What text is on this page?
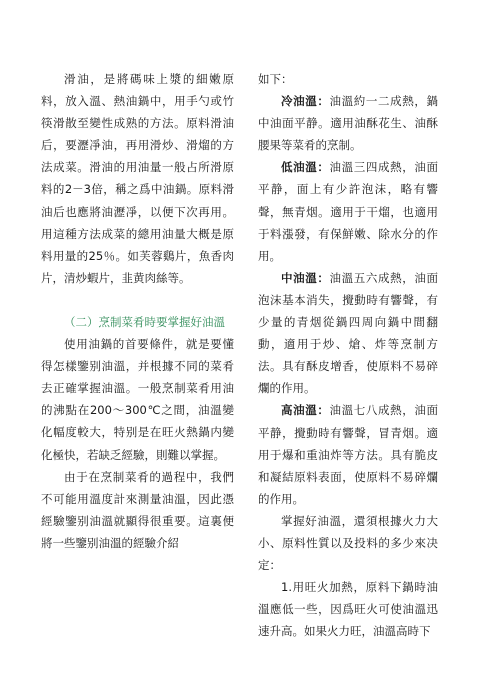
滑油，是將碼味上漿的細嫩原料，放入溫、熱油鍋中，用手勺或竹筷滑散至變性成熟的方法。原料滑油后，要瀝凈油，再用滑炒、滑熘的方法成菜。滑油的用油量一般占所滑原料的2－3倍，稱之爲中油鍋。原料滑油后也應將油瀝凈，以便下次再用。用這種方法成菜的總用油量大概是原料用量的25％。如芙蓉鷄片，魚香肉片，清炒蝦片，韭黄肉絲等。

（二）烹制菜肴時要掌握好油溫

使用油鍋的首要條件，就是要懂得怎樣鑒别油溫，并根據不同的菜肴去正確掌握油溫。一般烹制菜肴用油的沸點在200～300℃之間，油溫變化幅度較大，特别是在旺火熱鍋内變化極快，若缺乏經驗，則難以掌握。

由于在烹制菜肴的過程中，我們不可能用溫度計來測量油溫，因此憑經驗鑒别油溫就顯得很重要。這裏便將一些鑒别油溫的經驗介紹

如下：

冷油溫：油溫約一二成熱，鍋中油面平静。適用油酥花生、油酥腰果等菜肴的烹制。

低油溫：油溫三四成熱，油面平静，面上有少許泡沫，略有響聲，無青烟。適用于干熘，也適用于料漲發，有保鮮嫩、除水分的作用。

中油溫：油溫五六成熱，油面泡沫基本消失，攪動時有響聲，有少量的青烟從鍋四周向鍋中間翻動，適用于炒、熗、炸等烹制方法。具有酥皮增香，使原料不易碎爛的作用。

高油溫：油溫七八成熱，油面平静，攪動時有響聲，冒青烟。適用于爆和重油炸等方法。具有脆皮和凝結原料表面，使原料不易碎爛的作用。

掌握好油溫，還須根據火力大小、原料性質以及投料的多少來决定：

1.用旺火加熱，原料下鍋時油溫應低一些，因爲旺火可使油溫迅速升高。如果火力旺，油溫高時下
